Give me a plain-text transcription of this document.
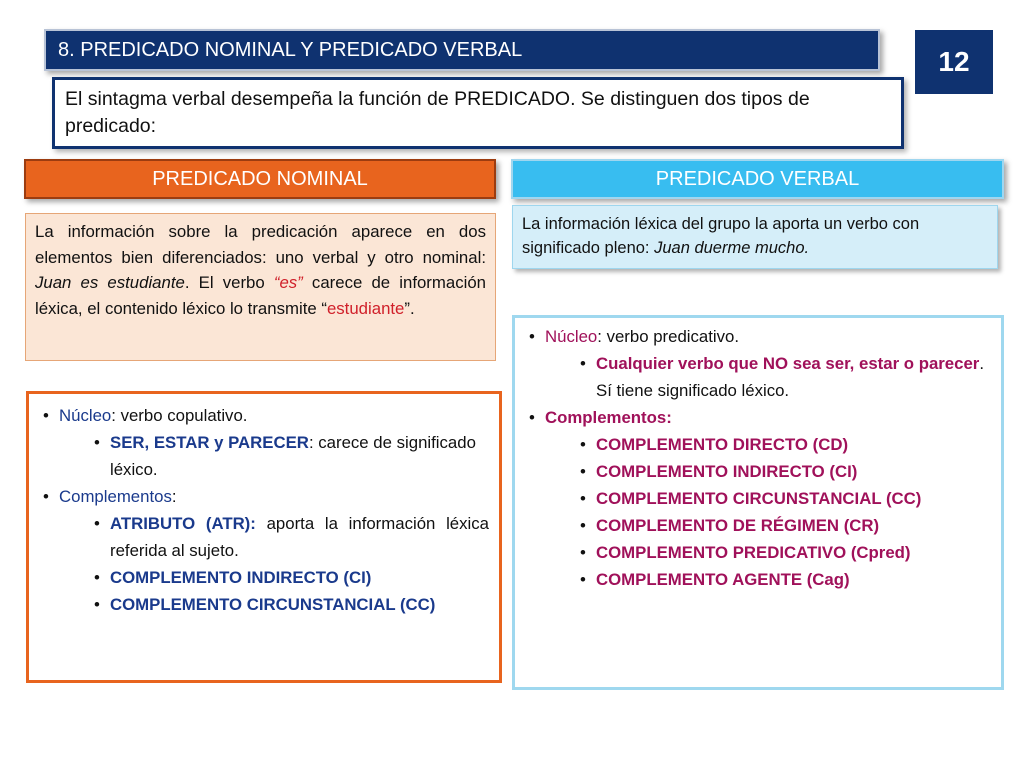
8. PREDICADO NOMINAL Y PREDICADO VERBAL	12
El sintagma verbal desempeña la función de PREDICADO. Se distinguen dos tipos de predicado:
PREDICADO NOMINAL	PREDICADO VERBAL
La información sobre la predicación aparece en dos elementos bien diferenciados: uno verbal y otro nominal: Juan es estudiante. El verbo “es” carece de información léxica, el contenido léxico lo transmite “estudiante”.
La información léxica del grupo la aporta un verbo con significado pleno: Juan duerme mucho.
• Núcleo: verbo copulativo.
• SER, ESTAR y PARECER: carece de significado léxico.
• Complementos:
• ATRIBUTO (ATR): aporta la información léxica referida al sujeto.
• COMPLEMENTO INDIRECTO (CI)
• COMPLEMENTO CIRCUNSTANCIAL (CC)
• Núcleo: verbo predicativo.
• Cualquier verbo que NO sea ser, estar o parecer. Sí tiene significado léxico.
• Complementos:
• COMPLEMENTO DIRECTO (CD)
• COMPLEMENTO INDIRECTO (CI)
• COMPLEMENTO CIRCUNSTANCIAL (CC)
• COMPLEMENTO DE RÉGIMEN (CR)
• COMPLEMENTO PREDICATIVO (Cpred)
• COMPLEMENTO AGENTE (Cag)
